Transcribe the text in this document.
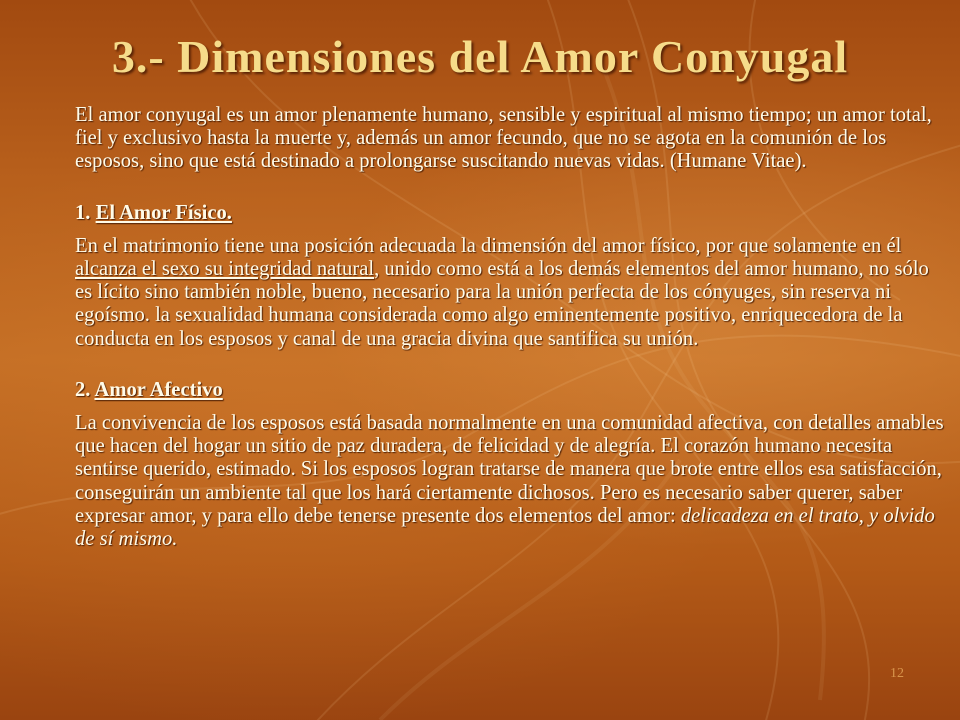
3.- Dimensiones del Amor Conyugal

El amor conyugal es un amor plenamente humano, sensible y espiritual al mismo tiempo; un amor total, fiel y exclusivo hasta la muerte y, además un amor fecundo, que no se agota en la comunión de los esposos, sino que está destinado a prolongarse suscitando nuevas vidas. (Humane Vitae).

1. El Amor Físico.

En el matrimonio tiene una posición adecuada la dimensión del amor físico, por que solamente en él alcanza el sexo su integridad natural, unido como está a los demás elementos del amor humano, no sólo es lícito sino también noble, bueno, necesario para la unión perfecta de los cónyuges, sin reserva ni egoísmo. la sexualidad humana considerada como algo eminentemente positivo, enriquecedora de la conducta en los esposos y canal de una gracia divina que santifica su unión.

2. Amor Afectivo

La convivencia de los esposos está basada normalmente en una comunidad afectiva, con detalles amables que hacen del hogar un sitio de paz duradera, de felicidad y de alegría. El corazón humano necesita sentirse querido, estimado. Si los esposos logran tratarse de manera que brote entre ellos esa satisfacción, conseguirán un ambiente tal que los hará ciertamente dichosos. Pero es necesario saber querer, saber expresar amor, y para ello debe tenerse presente dos elementos del amor: delicadeza en el trato, y olvido de sí mismo.

12
